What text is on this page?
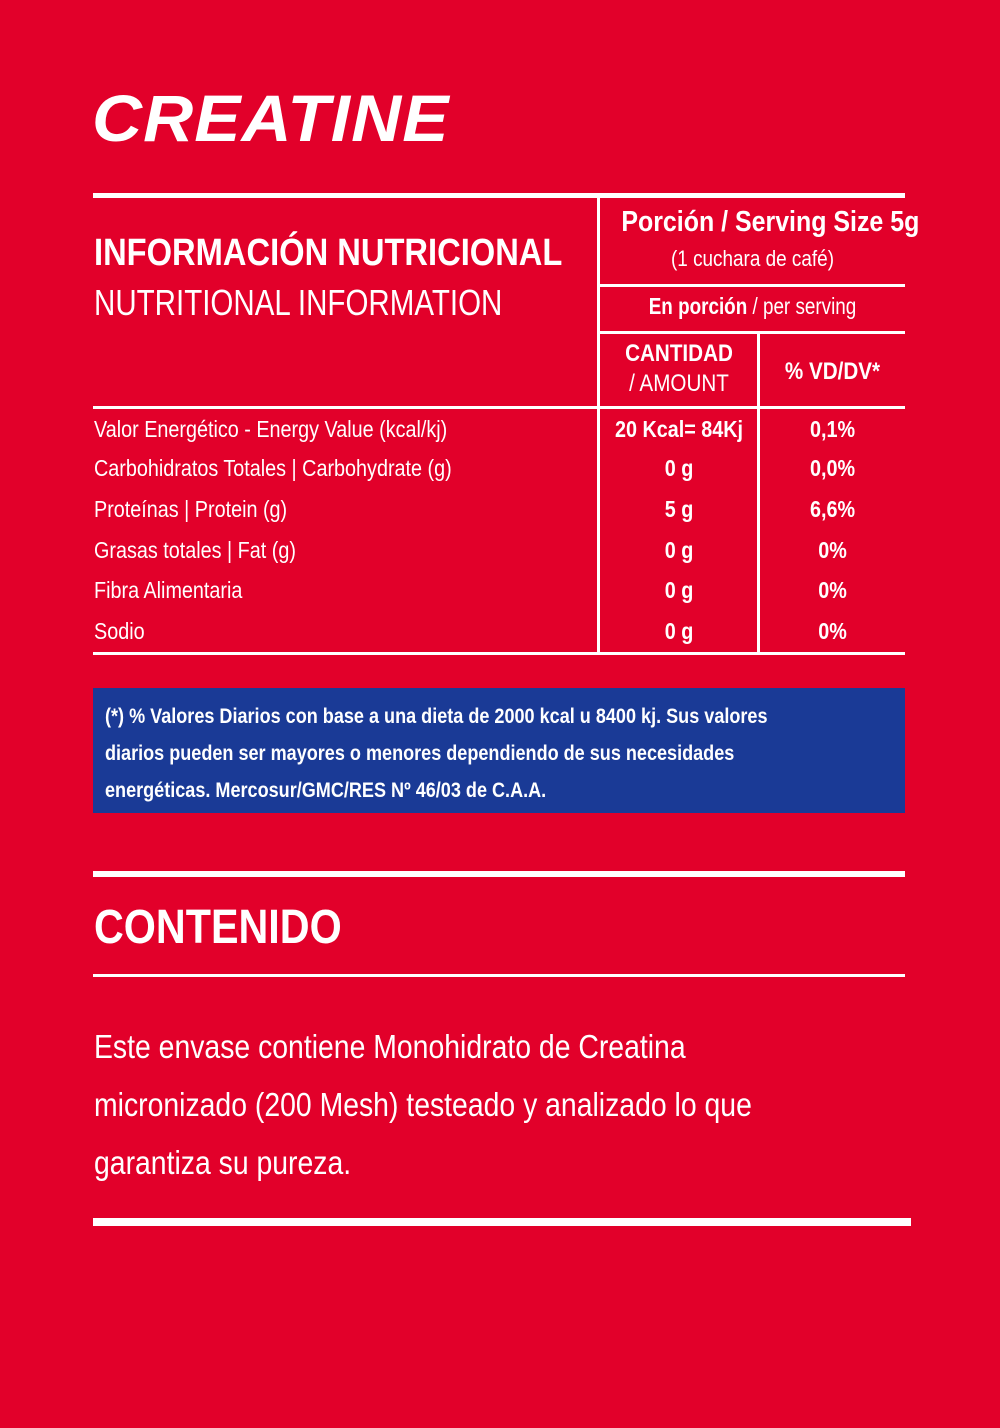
CREATINE
INFORMACIÓN NUTRICIONAL
NUTRITIONAL INFORMATION
Porción / Serving Size 5g
(1 cuchara de café)
En porción / per serving
CANTIDAD
/ AMOUNT	% VD/DV*
Valor Energético - Energy Value (kcal/kj)	20 Kcal= 84Kj	0,1%
Carbohidratos Totales | Carbohydrate (g)	0 g	0,0%
Proteínas | Protein (g)	5 g	6,6%
Grasas totales | Fat (g)	0 g	0%
Fibra Alimentaria	0 g	0%
Sodio	0 g	0%
(*) % Valores Diarios con base a una dieta de 2000 kcal u 8400 kj. Sus valores
diarios pueden ser mayores o menores dependiendo de sus necesidades
energéticas. Mercosur/GMC/RES Nº 46/03 de C.A.A.
CONTENIDO
Este envase contiene Monohidrato de Creatina
micronizado (200 Mesh) testeado y analizado lo que
garantiza su pureza.
